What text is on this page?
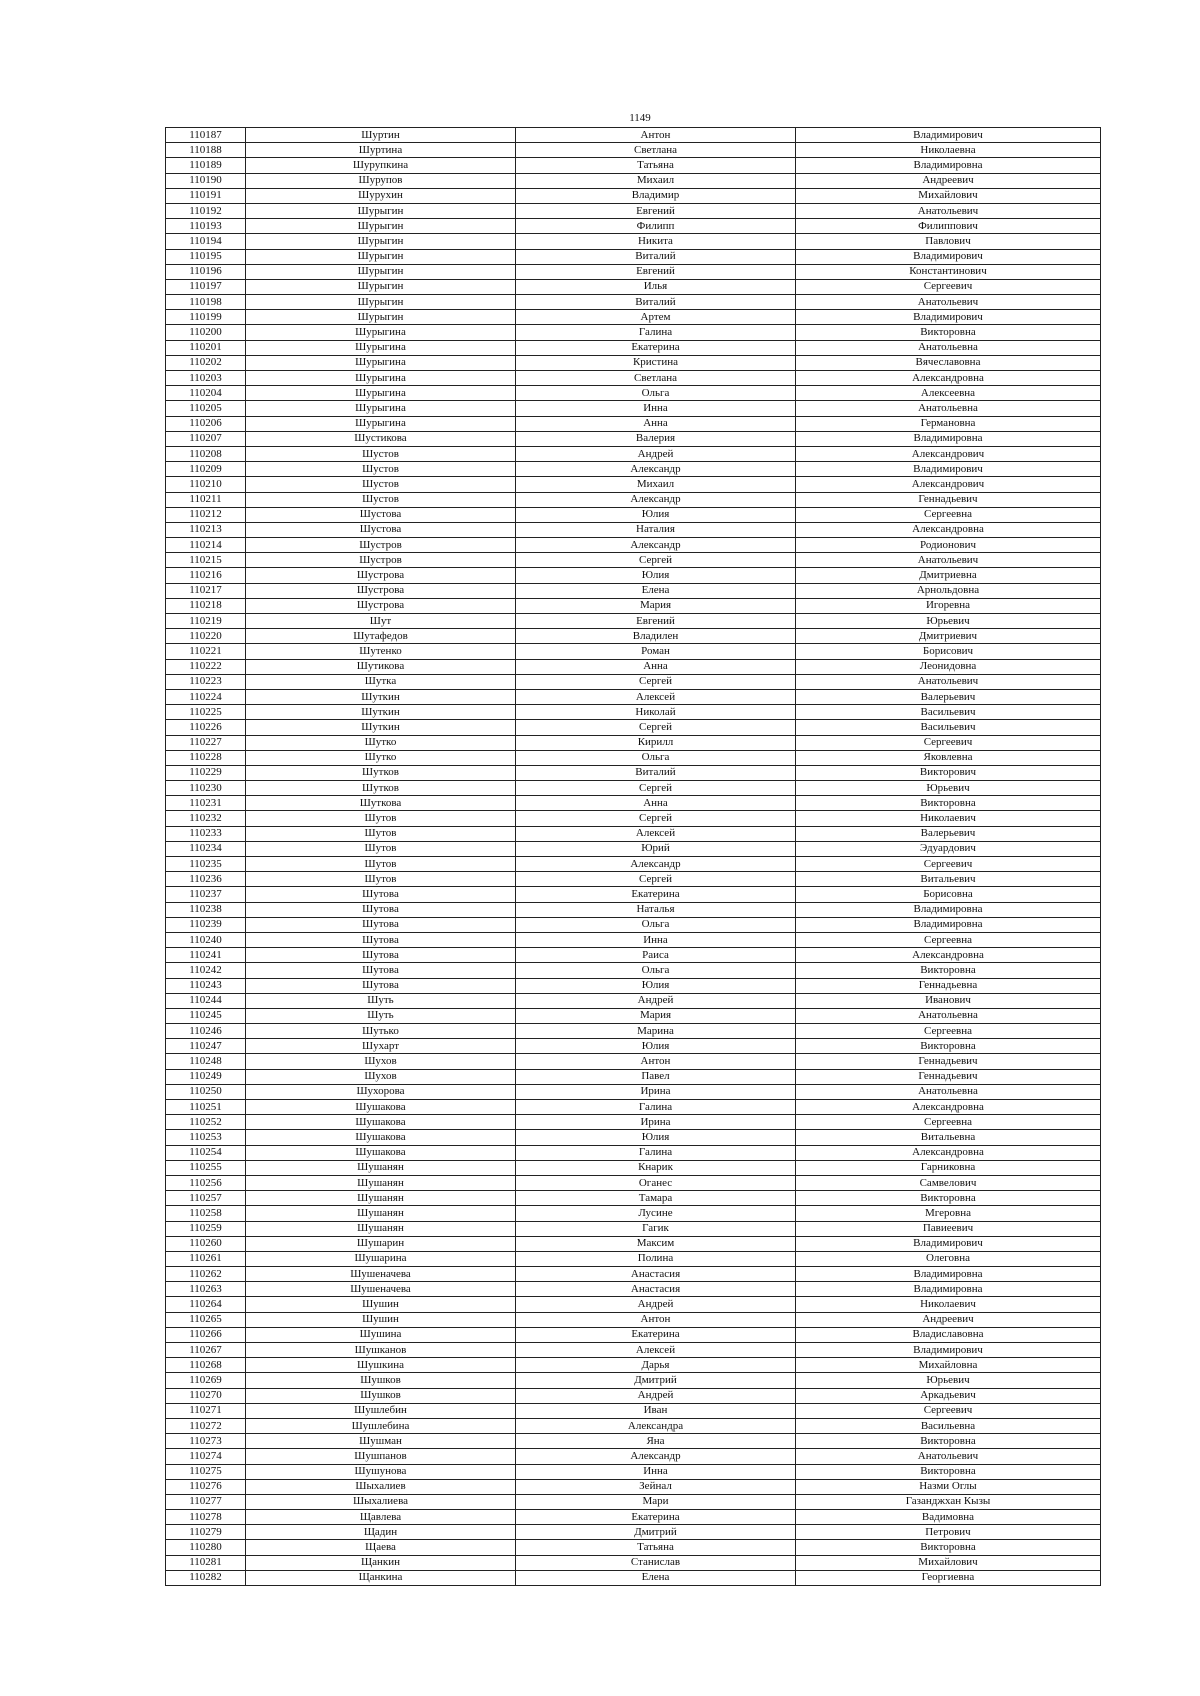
1149
110187	Шуртин	Антон	Владимирович
110188	Шуртина	Светлана	Николаевна
110189	Шурупкина	Татьяна	Владимировна
110190	Шурупов	Михаил	Андреевич
110191	Шурухин	Владимир	Михайлович
110192	Шурыгин	Евгений	Анатольевич
110193	Шурыгин	Филипп	Филиппович
110194	Шурыгин	Никита	Павлович
110195	Шурыгин	Виталий	Владимирович
110196	Шурыгин	Евгений	Константинович
110197	Шурыгин	Илья	Сергеевич
110198	Шурыгин	Виталий	Анатольевич
110199	Шурыгин	Артем	Владимирович
110200	Шурыгина	Галина	Викторовна
110201	Шурыгина	Екатерина	Анатольевна
110202	Шурыгина	Кристина	Вячеславовна
110203	Шурыгина	Светлана	Александровна
110204	Шурыгина	Ольга	Алексеевна
110205	Шурыгина	Инна	Анатольевна
110206	Шурыгина	Анна	Германовна
110207	Шустикова	Валерия	Владимировна
110208	Шустов	Андрей	Александрович
110209	Шустов	Александр	Владимирович
110210	Шустов	Михаил	Александрович
110211	Шустов	Александр	Геннадьевич
110212	Шустова	Юлия	Сергеевна
110213	Шустова	Наталия	Александровна
110214	Шустров	Александр	Родионович
110215	Шустров	Сергей	Анатольевич
110216	Шустрова	Юлия	Дмитриевна
110217	Шустрова	Елена	Арнольдовна
110218	Шустрова	Мария	Игоревна
110219	Шут	Евгений	Юрьевич
110220	Шутафедов	Владилен	Дмитриевич
110221	Шутенко	Роман	Борисович
110222	Шутикова	Анна	Леонидовна
110223	Шутка	Сергей	Анатольевич
110224	Шуткин	Алексей	Валерьевич
110225	Шуткин	Николай	Васильевич
110226	Шуткин	Сергей	Васильевич
110227	Шутко	Кирилл	Сергеевич
110228	Шутко	Ольга	Яковлевна
110229	Шутков	Виталий	Викторович
110230	Шутков	Сергей	Юрьевич
110231	Шуткова	Анна	Викторовна
110232	Шутов	Сергей	Николаевич
110233	Шутов	Алексей	Валерьевич
110234	Шутов	Юрий	Эдуардович
110235	Шутов	Александр	Сергеевич
110236	Шутов	Сергей	Витальевич
110237	Шутова	Екатерина	Борисовна
110238	Шутова	Наталья	Владимировна
110239	Шутова	Ольга	Владимировна
110240	Шутова	Инна	Сергеевна
110241	Шутова	Раиса	Александровна
110242	Шутова	Ольга	Викторовна
110243	Шутова	Юлия	Геннадьевна
110244	Шуть	Андрей	Иванович
110245	Шуть	Мария	Анатольевна
110246	Шутько	Марина	Сергеевна
110247	Шухарт	Юлия	Викторовна
110248	Шухов	Антон	Геннадьевич
110249	Шухов	Павел	Геннадьевич
110250	Шухорова	Ирина	Анатольевна
110251	Шушакова	Галина	Александровна
110252	Шушакова	Ирина	Сергеевна
110253	Шушакова	Юлия	Витальевна
110254	Шушакова	Галина	Александровна
110255	Шушанян	Кнарик	Гарниковна
110256	Шушанян	Оганес	Самвелович
110257	Шушанян	Тамара	Викторовна
110258	Шушанян	Лусине	Мгеровна
110259	Шушанян	Гагик	Павиеевич
110260	Шушарин	Максим	Владимирович
110261	Шушарина	Полина	Олеговна
110262	Шушеначева	Анастасия	Владимировна
110263	Шушеначева	Анастасия	Владимировна
110264	Шушин	Андрей	Николаевич
110265	Шушин	Антон	Андреевич
110266	Шушина	Екатерина	Владиславовна
110267	Шушканов	Алексей	Владимирович
110268	Шушкина	Дарья	Михайловна
110269	Шушков	Дмитрий	Юрьевич
110270	Шушков	Андрей	Аркадьевич
110271	Шушлебин	Иван	Сергеевич
110272	Шушлебина	Александра	Васильевна
110273	Шушман	Яна	Викторовна
110274	Шушпанов	Александр	Анатольевич
110275	Шушунова	Инна	Викторовна
110276	Шыхалиев	Зейнал	Назми Оглы
110277	Шыхалиева	Мари	Газанджхан Кызы
110278	Щавлева	Екатерина	Вадимовна
110279	Щадин	Дмитрий	Петрович
110280	Щаева	Татьяна	Викторовна
110281	Щанкин	Станислав	Михайлович
110282	Щанкина	Елена	Георгиевна
